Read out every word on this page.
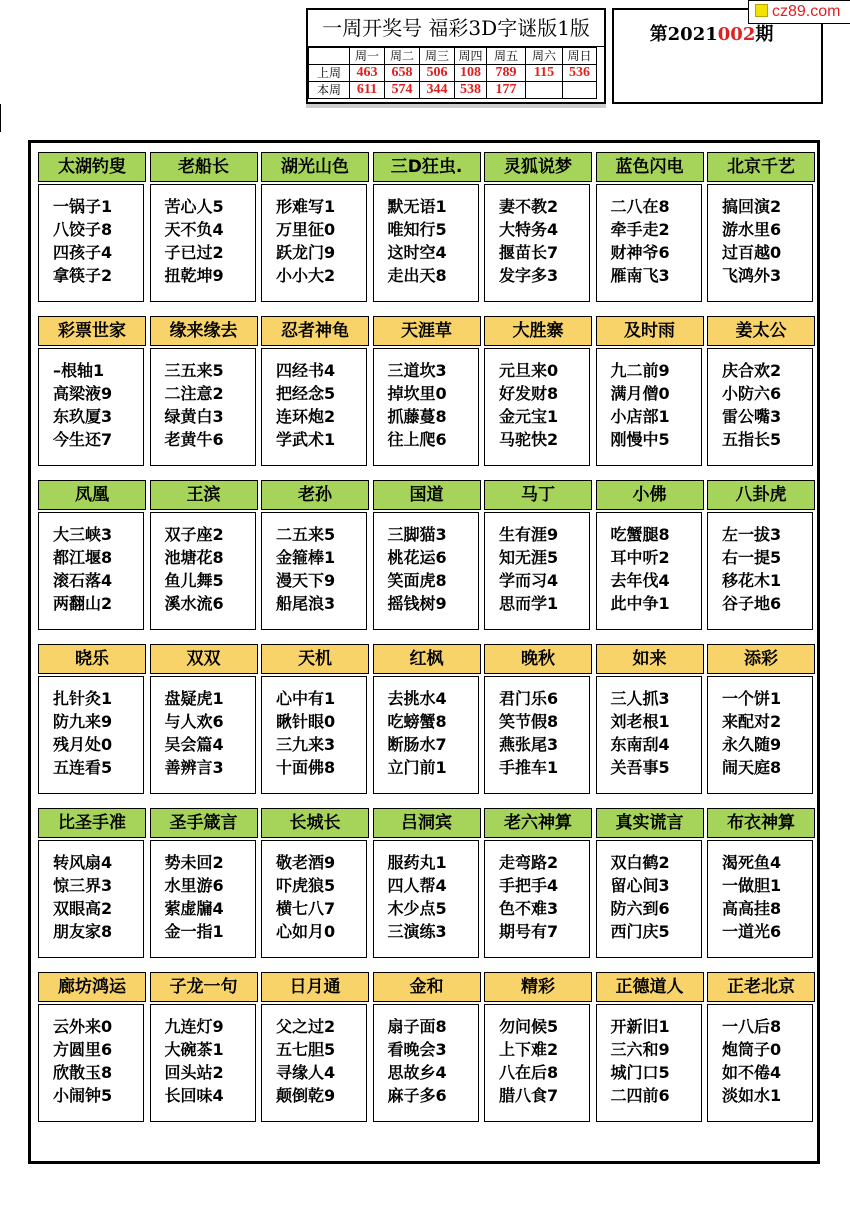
一周开奖号 福彩3D字谜版1版
	周一	周二	周三	周四	周五	周六	周日
上周	463	658	506	108	789	115	536
本周	611	574	344	538	177		
第2021002期
cz89.com
太湖钓叟
一锅子1
八饺子8
四孩子4
拿筷子2
老船长
苦心人5
天不负4
子已过2
扭乾坤9
湖光山色
形难写1
万里征0
跃龙门9
小小大2
三D狂虫.
默无语1
唯知行5
这时空4
走出天8
灵狐说梦
妻不教2
大特务4
揠苗长7
发字多3
蓝色闪电
二八在8
牵手走2
财神爷6
雁南飞3
北京千艺
搞回演2
游水里6
过百越0
飞鸿外3
彩票世家
–根轴1
高梁液9
东玖厦3
今生还7
缘来缘去
三五来5
二注意2
绿黄白3
老黄牛6
忍者神龟
四经书4
把经念5
连环炮2
学武术1
天涯草
三道坎3
掉坎里0
抓藤蔓8
往上爬6
大胜寨
元旦来0
好发财8
金元宝1
马驼快2
及时雨
九二前9
满月僧0
小店部1
刚慢中5
姜太公
庆合欢2
小防六6
雷公嘴3
五指长5
凤凰
大三峡3
都江堰8
滚石落4
两翻山2
王滨
双子座2
池塘花8
鱼儿舞5
溪水流6
老孙
二五来5
金箍棒1
漫天下9
船尾浪3
国道
三脚猫3
桃花运6
笑面虎8
摇钱树9
马丁
生有涯9
知无涯5
学而习4
思而学1
小佛
吃蟹腿8
耳中听2
去年伐4
此中争1
八卦虎
左一拔3
右一提5
移花木1
谷子地6
晓乐
扎针灸1
防九来9
残月处0
五连看5
双双
盘疑虎1
与人欢6
吴会篇4
善辨言3
天机
心中有1
瞅针眼0
三九来3
十面佛8
红枫
去挑水4
吃螃蟹8
断肠水7
立门前1
晚秋
君门乐6
笑节假8
燕张尾3
手推车1
如来
三人抓3
刘老根1
东南刮4
关吾事5
添彩
一个饼1
来配对2
永久随9
闹天庭8
比圣手准
转风扇4
惊三界3
双眼高2
朋友家8
圣手箴言
势未回2
水里游6
萦虚牖4
金一指1
长城长
敬老酒9
吓虎狼5
横七八7
心如月0
吕洞宾
服药丸1
四人帮4
木少点5
三演练3
老六神算
走弯路2
手把手4
色不难3
期号有7
真实谎言
双白鹤2
留心间3
防六到6
西门庆5
布衣神算
渴死鱼4
一做胆1
高高挂8
一道光6
廊坊鸿运
云外来0
方圆里6
欣散玉8
小闹钟5
子龙一句
九连灯9
大碗茶1
回头站2
长回味4
日月通
父之过2
五七胆5
寻缘人4
颠倒乾9
金和
扇子面8
看晚会3
思故乡4
麻子多6
精彩
勿问候5
上下难2
八在后8
腊八食7
正德道人
开新旧1
三六和9
城门口5
二四前6
正老北京
一八后8
炮筒子0
如不倦4
淡如水1
